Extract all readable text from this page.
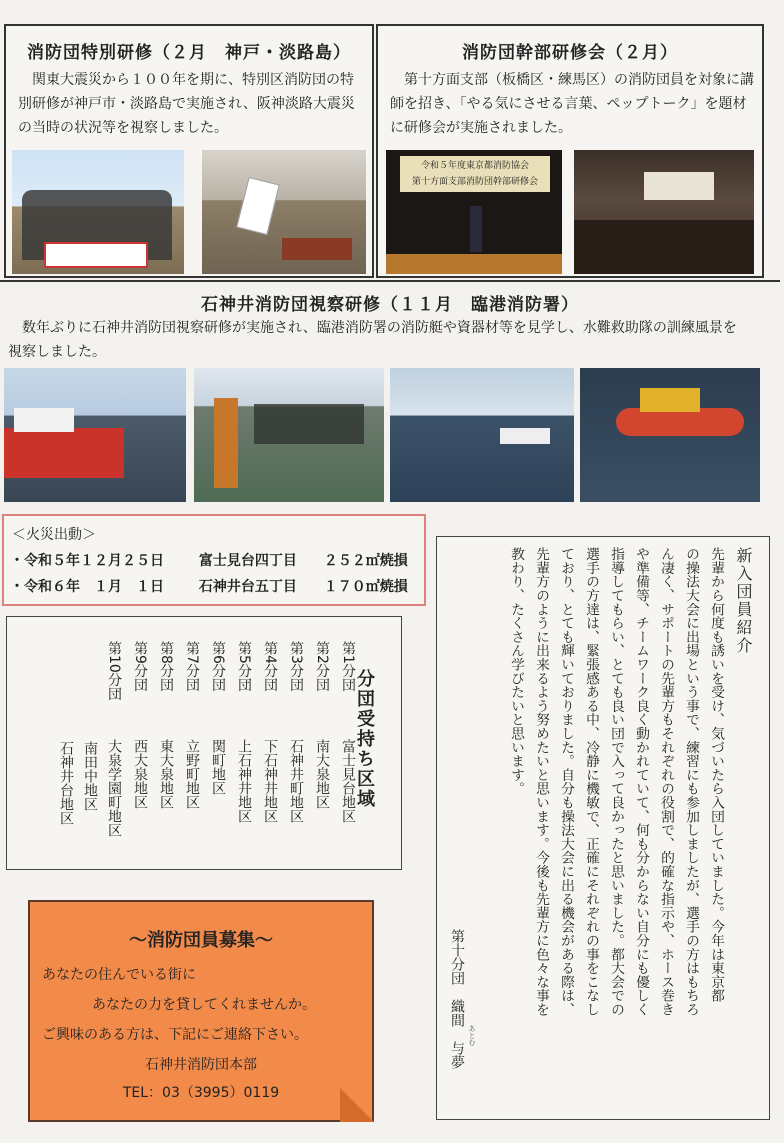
消防団特別研修（２月　神戸・淡路島）
関東大震災から１００年を期に、特別区消防団の特別研修が神戸市・淡路島で実施され、阪神淡路大震災の当時の状況等を視察しました。
消防団幹部研修会（２月）
第十方面支部（板橋区・練馬区）の消防団員を対象に講師を招き、「やる気にさせる言葉、ペップトーク」を題材に研修会が実施されました。
令和５年度東京都消防協会
第十方面支部消防団幹部研修会
石神井消防団視察研修（１１月　臨港消防署）
数年ぶりに石神井消防団視察研修が実施され、臨港消防署の消防艇や資器材等を見学し、水難救助隊の訓練風景を視察しました。
＜火災出動＞
・令和５年１２月２５日 富士見台四丁目 ２５２㎡焼損
・令和６年　１月　１日 石神井台五丁目 １７０㎡焼損
分団受持ち区域
第1分団富士見台地区
第2分団南大泉地区
第3分団石神井町地区
第4分団下石神井地区
第5分団上石神井地区
第6分団関町地区
第7分団立野町地区
第8分団東大泉地区
第9分団西大泉地区
第10分団大泉学園町地区
南田中地区
石神井台地区
新入団員紹介
先輩から何度も誘いを受け、気づいたら入団していました。今年は東京都
の操法大会に出場という事で、練習にも参加しましたが、選手の方はもちろ
ん凄く、サポートの先輩方もそれぞれの役割で、的確な指示や、ホース巻き
や準備等、チームワーク良く動かれていて、何も分からない自分にも優しく
指導してもらい、とても良い団で入って良かったと思いました。都大会での
選手の方達は、緊張感ある中、冷静に機敏で、正確にそれぞれの事をこなし
ており、とても輝いておりました。自分も操法大会に出る機会がある際は、
先輩方のように出来るよう努めたいと思います。今後も先輩方に色々な事を
教わり、たくさん学びたいと思います。
第十分団
織間　与夢 あとむ
〜消防団員募集〜
あなたの住んでいる街に
あなたの力を貸してくれませんか。
ご興味のある方は、下記にご連絡下さい。
石神井消防団本部
TEL：03（3995）0119
